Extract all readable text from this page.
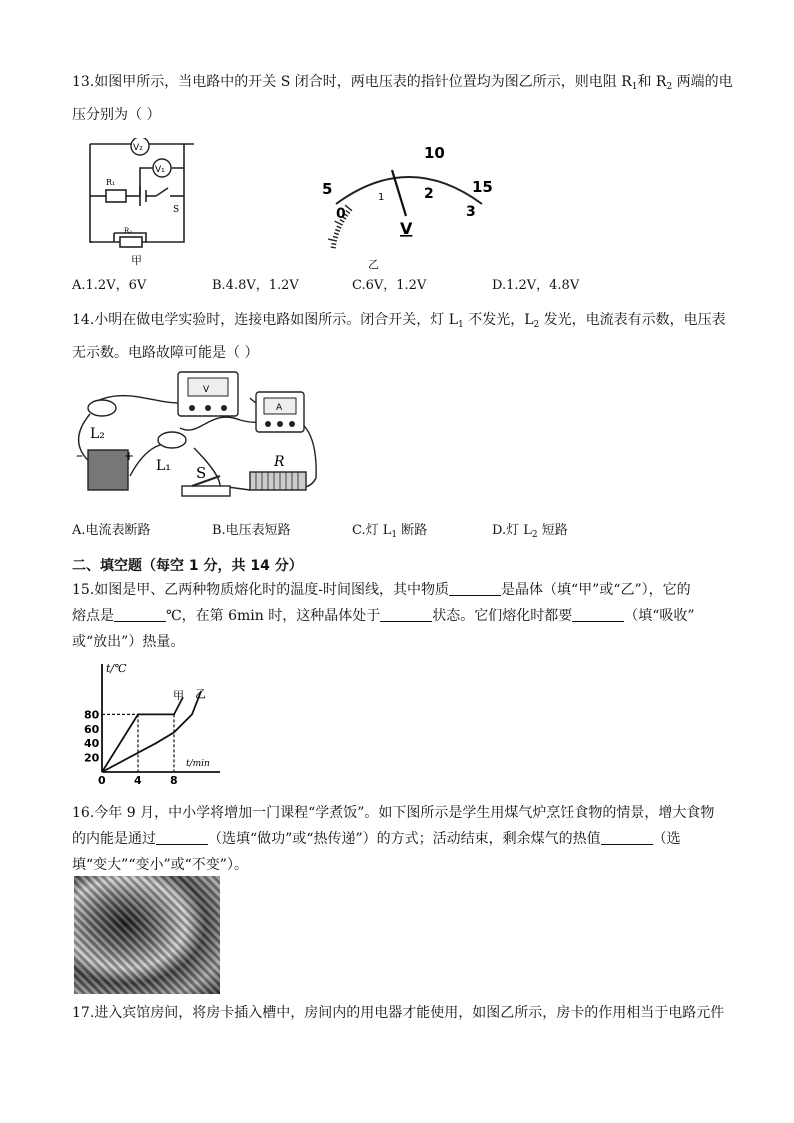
13.如图甲所示，当电路中的开关 S 闭合时，两电压表的指针位置均为图乙所示，则电阻 $R_1$和 $R_2$ 两端的电
压分别为（ ）
V₂
V₁
R₁
S
R₂
甲
5
10
15
0
1	2
3
V
乙
A.1.2V，6V	B.4.8V，1.2V	C.6V，1.2V	D.1.2V，4.8V
14.小明在做电学实验时，连接电路如图所示。闭合开关，灯 $L_1$ 不发光，$L_2$ 发光，电流表有示数，电压表
无示数。电路故障可能是（ ）
V
A
L₂
L₁
–	+
S
R
A.电流表断路	B.电压表短路	C.灯 $L_1$ 断路	D.灯 $L_2$ 短路
二、填空题（每空 1 分，共 14 分）
15.如图是甲、乙两种物质熔化时的温度-时间图线，其中物质	是晶体（填“甲”或“乙”），它的
熔点是	℃，在第 6min 时，这种晶体处于	状态。它们熔化时都要	（填“吸收”
或“放出”）热量。
t/℃
t/min
80
60
40
20
0	4	8
甲 乙
16.今年 9 月，中小学将增加一门课程“学煮饭”。如下图所示是学生用煤气炉烹饪食物的情景，增大食物
的内能是通过	（选填“做功”或“热传递”）的方式；活动结束，剩余煤气的热值	（选
填“变大”“变小”或“不变”）。
17.进入宾馆房间，将房卡插入槽中，房间内的用电器才能使用，如图乙所示，房卡的作用相当于电路元件
